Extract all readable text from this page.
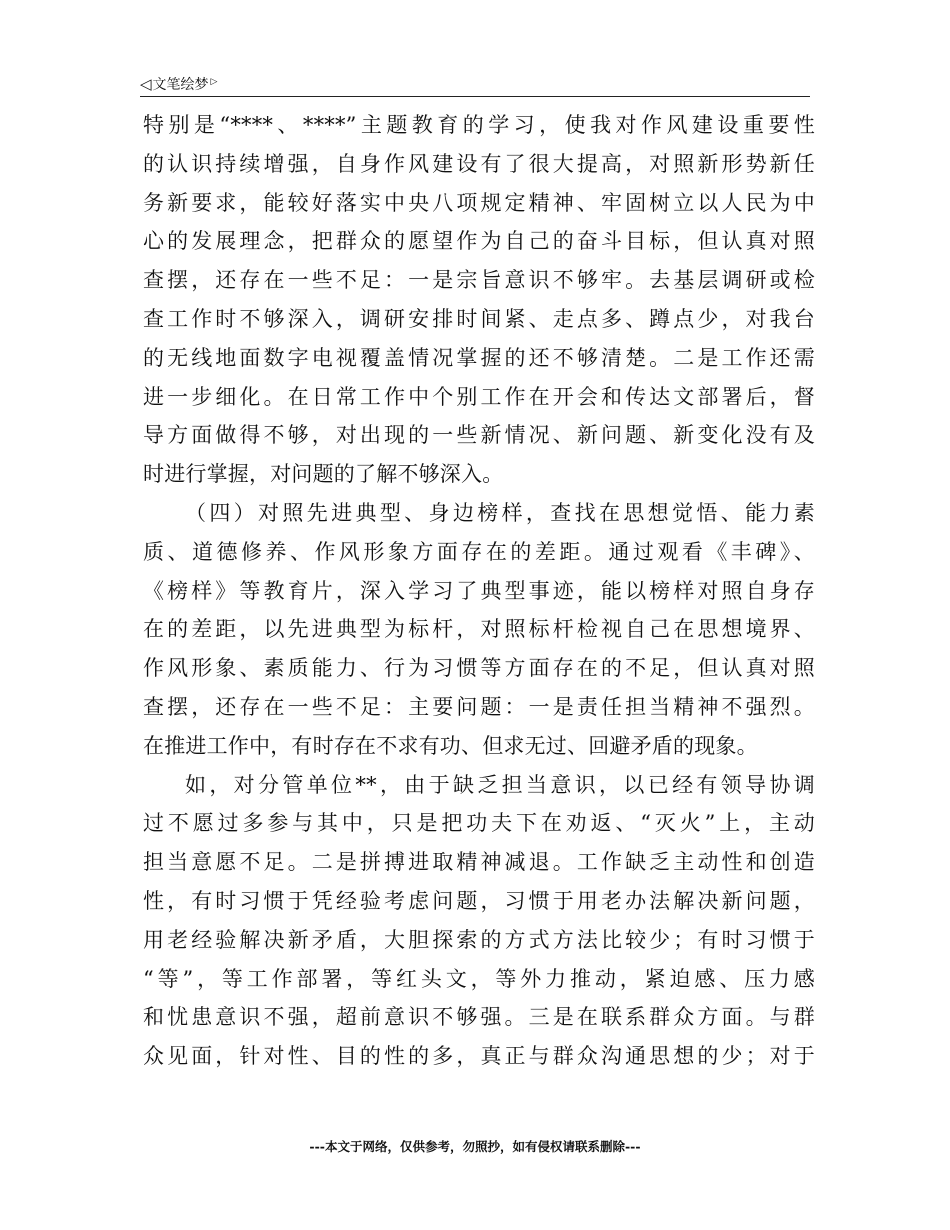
◁文笔绘梦 ▷
特别是“****、****”主题教育的学习，使我对作风建设重要性
的认识持续增强，自身作风建设有了很大提高，对照新形势新任
务新要求，能较好落实中央八项规定精神、牢固树立以人民为中
心的发展理念，把群众的愿望作为自己的奋斗目标，但认真对照
查摆，还存在一些不足：一是宗旨意识不够牢。去基层调研或检
查工作时不够深入，调研安排时间紧、走点多、蹲点少，对我台
的无线地面数字电视覆盖情况掌握的还不够清楚。二是工作还需
进一步细化。在日常工作中个别工作在开会和传达文部署后，督
导方面做得不够，对出现的一些新情况、新问题、新变化没有及
时进行掌握，对问题的了解不够深入。
（四）对照先进典型、身边榜样，查找在思想觉悟、能力素
质、道德修养、作风形象方面存在的差距。通过观看《丰碑》、
《榜样》等教育片，深入学习了典型事迹，能以榜样对照自身存
在的差距，以先进典型为标杆，对照标杆检视自己在思想境界、
作风形象、素质能力、行为习惯等方面存在的不足，但认真对照
查摆，还存在一些不足：主要问题：一是责任担当精神不强烈。
在推进工作中，有时存在不求有功、但求无过、回避矛盾的现象。
如，对分管单位**，由于缺乏担当意识，以已经有领导协调
过不愿过多参与其中，只是把功夫下在劝返、“灭火”上，主动
担当意愿不足。二是拼搏进取精神减退。工作缺乏主动性和创造
性，有时习惯于凭经验考虑问题，习惯于用老办法解决新问题，
用老经验解决新矛盾，大胆探索的方式方法比较少；有时习惯于
“等”，等工作部署，等红头文，等外力推动，紧迫感、压力感
和忧患意识不强，超前意识不够强。三是在联系群众方面。与群
众见面，针对性、目的性的多，真正与群众沟通思想的少；对于
---本文于网络，仅供参考，勿照抄，如有侵权请联系删除---
